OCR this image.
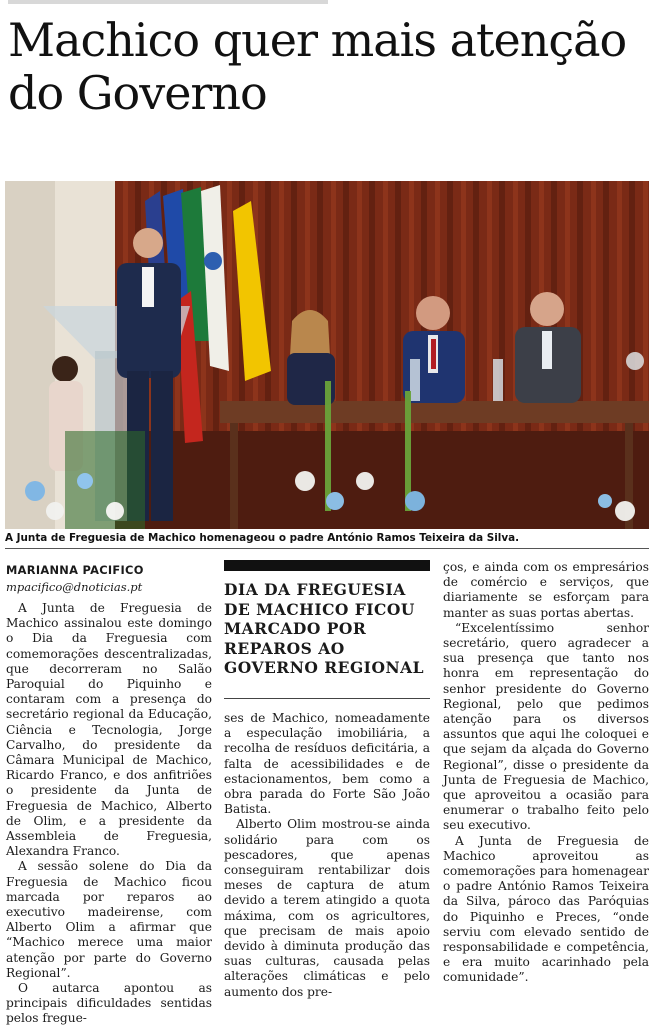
Machico quer mais atenção do Governo
A Junta de Freguesia de Machico homenageou o padre António Ramos Teixeira da Silva.
MARIANNA PACIFICO
mpacifico@dnoticias.pt

A Junta de Freguesia de Machico assinalou este domingo o Dia da Freguesia com comemorações descentralizadas, que decorreram no Salão Paroquial do Piquinho e contaram com a presença do secretário regional da Educação, Ciência e Tecnologia, Jorge Carvalho, do presidente da Câmara Municipal de Machico, Ricardo Franco, e dos anfitriões o presidente da Junta de Freguesia de Machico, Alberto de Olim, e a presidente da Assembleia de Freguesia, Alexandra Franco.

A sessão solene do Dia da Freguesia de Machico ficou marcada por reparos ao executivo madeirense, com Alberto Olim a afirmar que “Machico merece uma maior atenção por parte do Governo Regional”.

O autarca apontou as principais dificuldades sentidas pelos fregue-

DIA DA FREGUESIA DE MACHICO FICOU MARCADO POR REPAROS AO GOVERNO REGIONAL

ses de Machico, nomeadamente a especulação imobiliária, a recolha de resíduos deficitária, a falta de acessibilidades e de estacionamentos, bem como a obra parada do Forte São João Batista.

Alberto Olim mostrou-se ainda solidário para com os pescadores, que apenas conseguiram rentabilizar dois meses de captura de atum devido a terem atingido a quota máxima, com os agricultores, que precisam de mais apoio devido à diminuta produção das suas culturas, causada pelas alterações climáticas e pelo aumento dos pre-

ços, e ainda com os empresários de comércio e serviços, que diariamente se esforçam para manter as suas portas abertas.

“Excelentíssimo senhor secretário, quero agradecer a sua presença que tanto nos honra em representação do senhor presidente do Governo Regional, pelo que pedimos atenção para os diversos assuntos que aqui lhe coloquei e que sejam da alçada do Governo Regional”, disse o presidente da Junta de Freguesia de Machico, que aproveitou a ocasião para enumerar o trabalho feito pelo seu executivo.

A Junta de Freguesia de Machico aproveitou as comemorações para homenagear o padre António Ramos Teixeira da Silva, pároco das Paróquias do Piquinho e Preces, “onde serviu com elevado sentido de responsabilidade e competência, e era muito acarinhado pela comunidade”.
